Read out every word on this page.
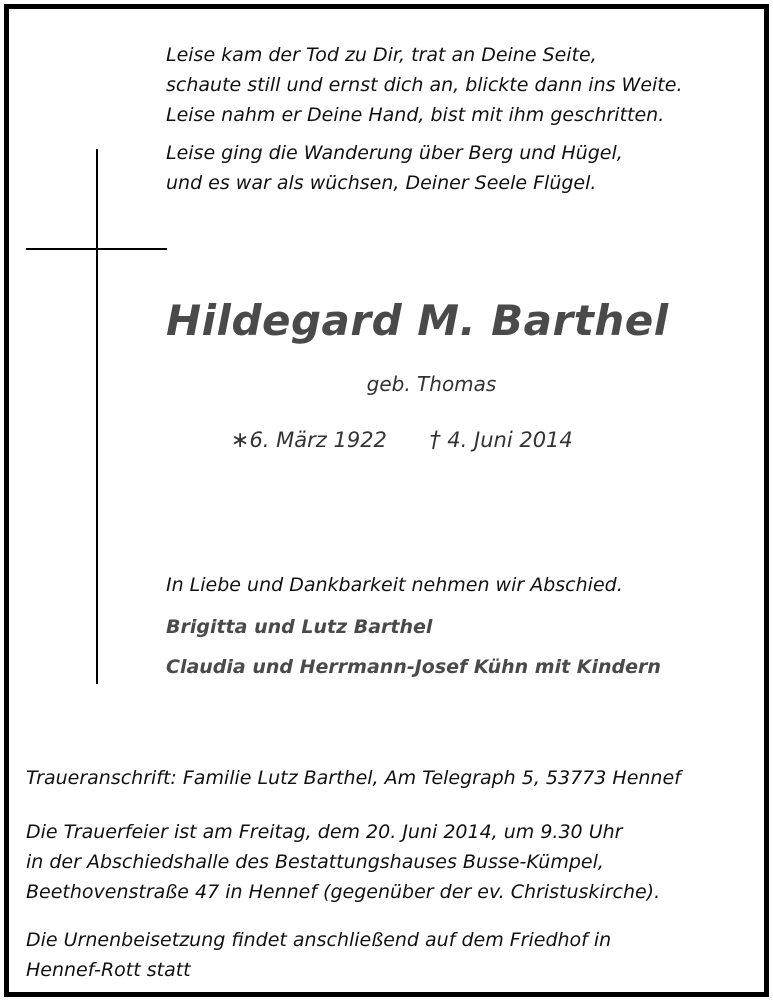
Leise kam der Tod zu Dir, trat an Deine Seite,
schaute still und ernst dich an, blickte dann ins Weite.
Leise nahm er Deine Hand, bist mit ihm geschritten.
Leise ging die Wanderung über Berg und Hügel,
und es war als wüchsen, Deiner Seele Flügel.

Hildegard M. Barthel
geb. Thomas
∗6. März 1922 † 4. Juni 2014
In Liebe und Dankbarkeit nehmen wir Abschied.
Brigitta und Lutz Barthel
Claudia und Herrmann-Josef Kühn mit Kindern
Traueranschrift: Familie Lutz Barthel, Am Telegraph 5, 53773 Hennef
Die Trauerfeier ist am Freitag, dem 20. Juni 2014, um 9.30 Uhr
in der Abschiedshalle des Bestattungshauses Busse-Kümpel,
Beethovenstraße 47 in Hennef (gegenüber der ev. Christuskirche).
Die Urnenbeisetzung findet anschließend auf dem Friedhof in
Hennef-Rott statt
